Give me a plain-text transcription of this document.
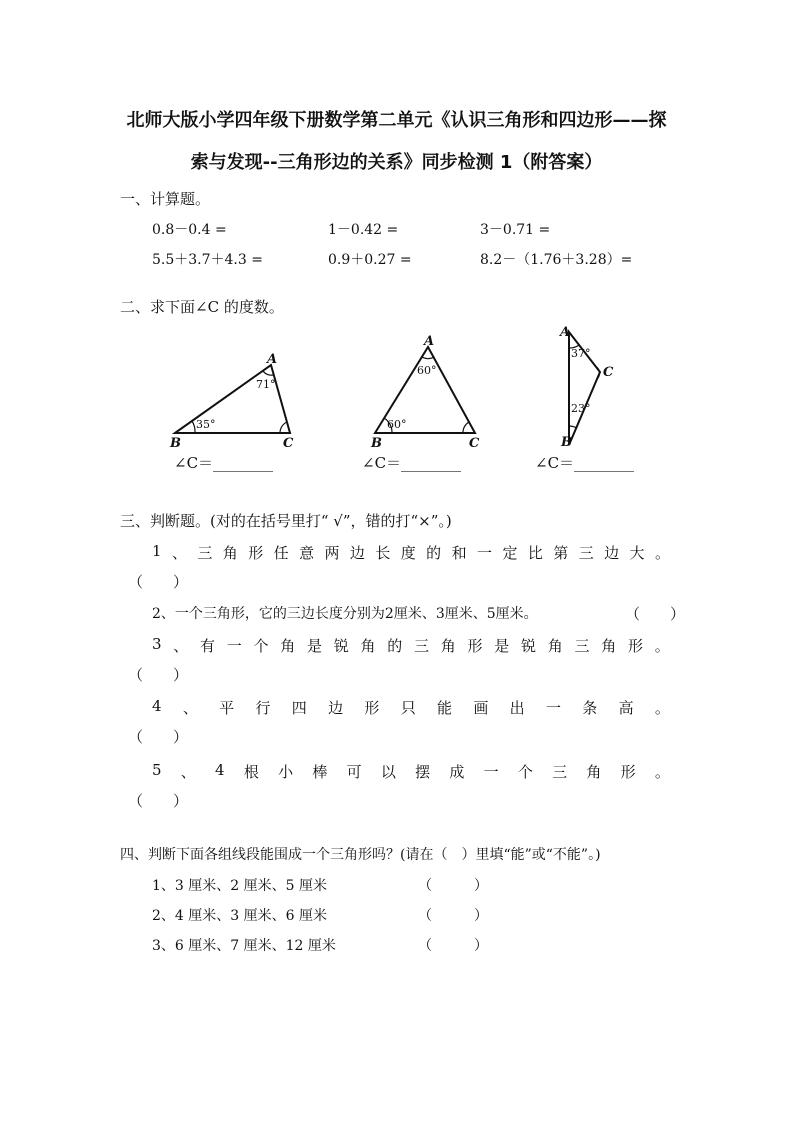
北师大版小学四年级下册数学第二单元《认识三角形和四边形——探
索与发现--三角形边的关系》同步检测 1（附答案）
一、计算题。
0.8－0.4 =	1－0.42 =	3－0.71 =
5.5＋3.7＋4.3 =	0.9＋0.27 =	8.2－（1.76＋3.28）=
二、求下面∠C 的度数。
A
B	C
A
B	C
A
B
C
71°
35°
60°
60°
37°
23°
∠C＝________	∠C＝________	∠C＝________
三、判断题。(对的在括号里打“ √”，错的打“×”。)
1 、 三 角 形 任 意 两 边 长 度 的 和 一 定 比 第 三 边 大 。
（　　）
2、一个三角形，它的三边长度分别为2厘米、3厘米、5厘米。	（　　）
3 、 有 一 个 角 是 锐 角 的 三 角 形 是 锐 角 三 角 形 。
（　　）
4 、 平 行 四 边 形 只 能 画 出 一 条 高 。
（　　）
5 、 4 根 小 棒 可 以 摆 成 一 个 三 角 形 。
（　　）
四、判断下面各组线段能围成一个三角形吗？(请在（　）里填“能”或“不能”。)
1、3 厘米、2 厘米、5 厘米	（　　　）
2、4 厘米、3 厘米、6 厘米	（　　　）
3、6 厘米、7 厘米、12 厘米	（　　　）
